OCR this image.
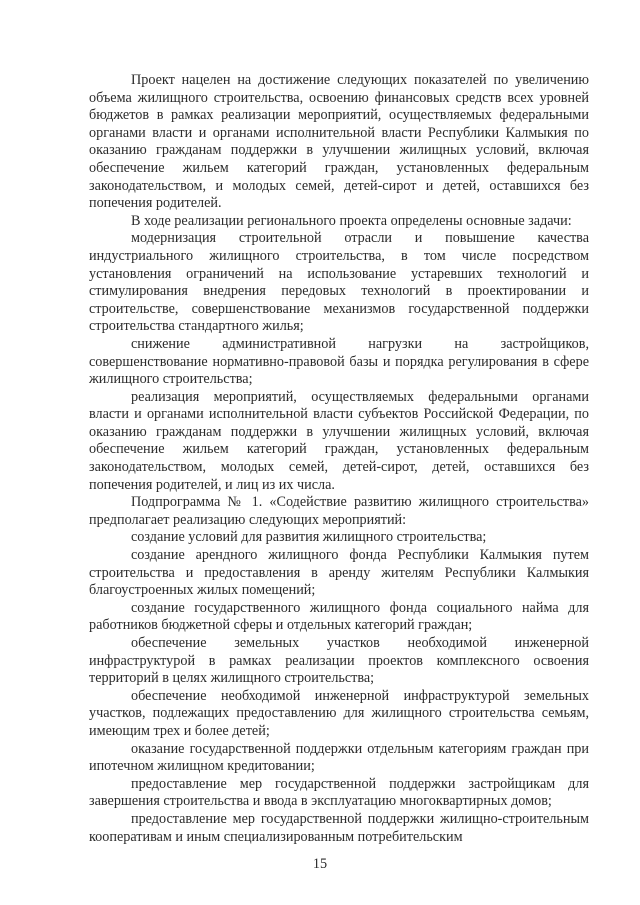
Проект нацелен на достижение следующих показателей по увеличению объема жилищного строительства, освоению финансовых средств всех уровней бюджетов в рамках реализации мероприятий, осуществляемых федеральными органами власти и органами исполнительной власти Республики Калмыкия по оказанию гражданам поддержки в улучшении жилищных условий, включая обеспечение жильем категорий граждан, установленных федеральным законодательством, и молодых семей, детей-сирот и детей, оставшихся без попечения родителей.

В ходе реализации регионального проекта определены основные задачи:

модернизация строительной отрасли и повышение качества индустриального жилищного строительства, в том числе посредством установления ограничений на использование устаревших технологий и стимулирования внедрения передовых технологий в проектировании и строительстве, совершенствование механизмов государственной поддержки строительства стандартного жилья;

снижение административной нагрузки на застройщиков, совершенствование нормативно-правовой базы и порядка регулирования в сфере жилищного строительства;

реализация мероприятий, осуществляемых федеральными органами власти и органами исполнительной власти субъектов Российской Федерации, по оказанию гражданам поддержки в улучшении жилищных условий, включая обеспечение жильем категорий граждан, установленных федеральным законодательством, молодых семей, детей-сирот, детей, оставшихся без попечения родителей, и лиц из их числа.

Подпрограмма № 1. «Содействие развитию жилищного строительства» предполагает реализацию следующих мероприятий:

создание условий для развития жилищного строительства;

создание арендного жилищного фонда Республики Калмыкия путем строительства и предоставления в аренду жителям Республики Калмыкия благоустроенных жилых помещений;

создание государственного жилищного фонда социального найма для работников бюджетной сферы и отдельных категорий граждан;

обеспечение земельных участков необходимой инженерной инфраструктурой в рамках реализации проектов комплексного освоения территорий в целях жилищного строительства;

обеспечение необходимой инженерной инфраструктурой земельных участков, подлежащих предоставлению для жилищного строительства семьям, имеющим трех и более детей;

оказание государственной поддержки отдельным категориям граждан при ипотечном жилищном кредитовании;

предоставление мер государственной поддержки застройщикам для завершения строительства и ввода в эксплуатацию многоквартирных домов;

предоставление мер государственной поддержки жилищно-строительным кооперативам и иным специализированным потребительским

15
